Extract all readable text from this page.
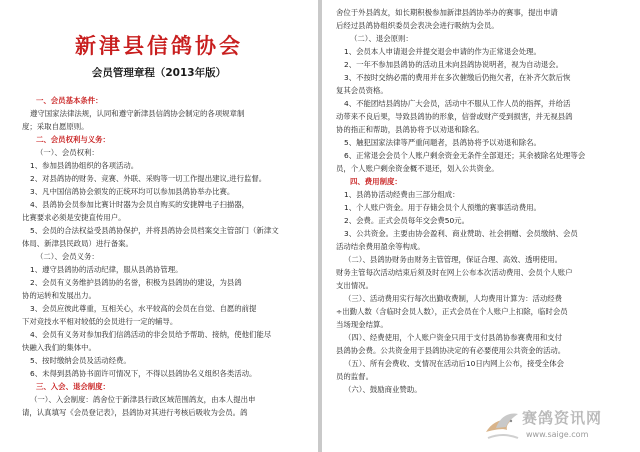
新津县信鸽协会
会员管理章程（2013年版）
一、会员基本条件：
遵守国家法律法规，认同和遵守新津县信鸽协会制定的各项规章制
度；采取自愿原则。
二、会员权利与义务：
（一）、会员权利：
1、参加县鸽协组织的各项活动。
2、对县鸽协的财务、竞赛、外联、采购等一切工作提出建议,进行监督。
3、凡中国信鸽协会颁发的正统环均可以参加县鸽协举办比赛。
4、县鸽协会员参加比赛计时器为会员自购买的安捷牌电子扫描器，
比赛要求必须是安捷直传用户。
5、会员的合法权益受县鸽协保护，并将县鸽协会员档案交主管部门（新津文
体局、新津县民政局）进行备案。
（二）、会员义务：
1、遵守县鸽协的活动纪律，服从县鸽协管理。
2、会员有义务维护县鸽协的名誉，积极为县鸽协的建设，为县鸽
协的运转和发展出力。
3、会员应彼此尊重，互相关心，水平较高的会员在自觉、自愿的前提
下对竞技水平相对较低的会员进行一定的辅导。
4、会员有义务对参加我们信鸽活动的非会员给予帮助、接纳，使他们能尽
快融入我们的集体中。
5、按时缴纳会员及活动经费。
6、未得到县鸽协书面许可情况下，不得以县鸽协名义组织各类活动。
三、入会、退会制度：
（一）、入会制度：鸽舍位于新津县行政区域范围鸽友，由本人提出申
请，认真填写《会员登记表》，县鸽协对其进行考核后吸收为会员。鸽
舍位于外县鸽友，如长期积极参加新津县鸽协举办的赛事，提出申请
后经过县鸽协组织委员会表决会进行吸纳为会员。
（二）、退会原则：
1、会员本人申请退会并提交退会申请的作为正常退会处理。
2、一年不参加县鸽协的活动且未向县鸽协说明者，视为自动退会。
3、不按时交纳必需的费用并在多次催缴后仍拖欠者，在补齐欠款后恢
复其会员资格。
4、不能团结县鸽协广大会员，活动中不服从工作人员的指挥，并给活
动带来不良后果，导致县鸽协的形象，信誉或财产受到损害，并无视县鸽
协的指正和帮助，县鸽协将予以劝退和除名。
5、触犯国家法律等严重问题者，县鸽协将予以劝退和除名。
6、正常退会会员个人账户剩余资金无条件全部退还；其余被除名处理等会
员，个人账户剩余资金概不退还，划入公共资金。
四、费用制度：
1、县鸽协活动经费由三部分组成：
1、个人账户资金。用于存储会员个人预缴的赛事活动费用。
2、会费。正式会员每年交会费50元。
3、公共资金。主要由协会盈利、商业赞助、社会捐赠、会员缴纳、会员
活动结余费用盈余等构成。
（二）、县鸽协财务由财务主管管理，保证合理、高效、透明使用。
财务主管每次活动结束后须及时在网上公布本次活动费用、会员个人账户
支出情况。
（三）、活动费用实行每次出勤收费制，人均费用计算为：活动经费
÷出勤人数（含临时会员人数），正式会员在个人账户上扣除，临时会员
当场现金结算。
（四）、经费使用，个人账户资金只用于支付县鸽协参赛费用和支付
县鸽协会费。公共资金用于县鸽协决定的有必要使用公共资金的活动。
（五）、所有会费收、支情况在活动后10日内网上公布，接受全体会
员的监督。
（六）、鼓励商业赞助。
赛鸽资讯网
www.saige.com
